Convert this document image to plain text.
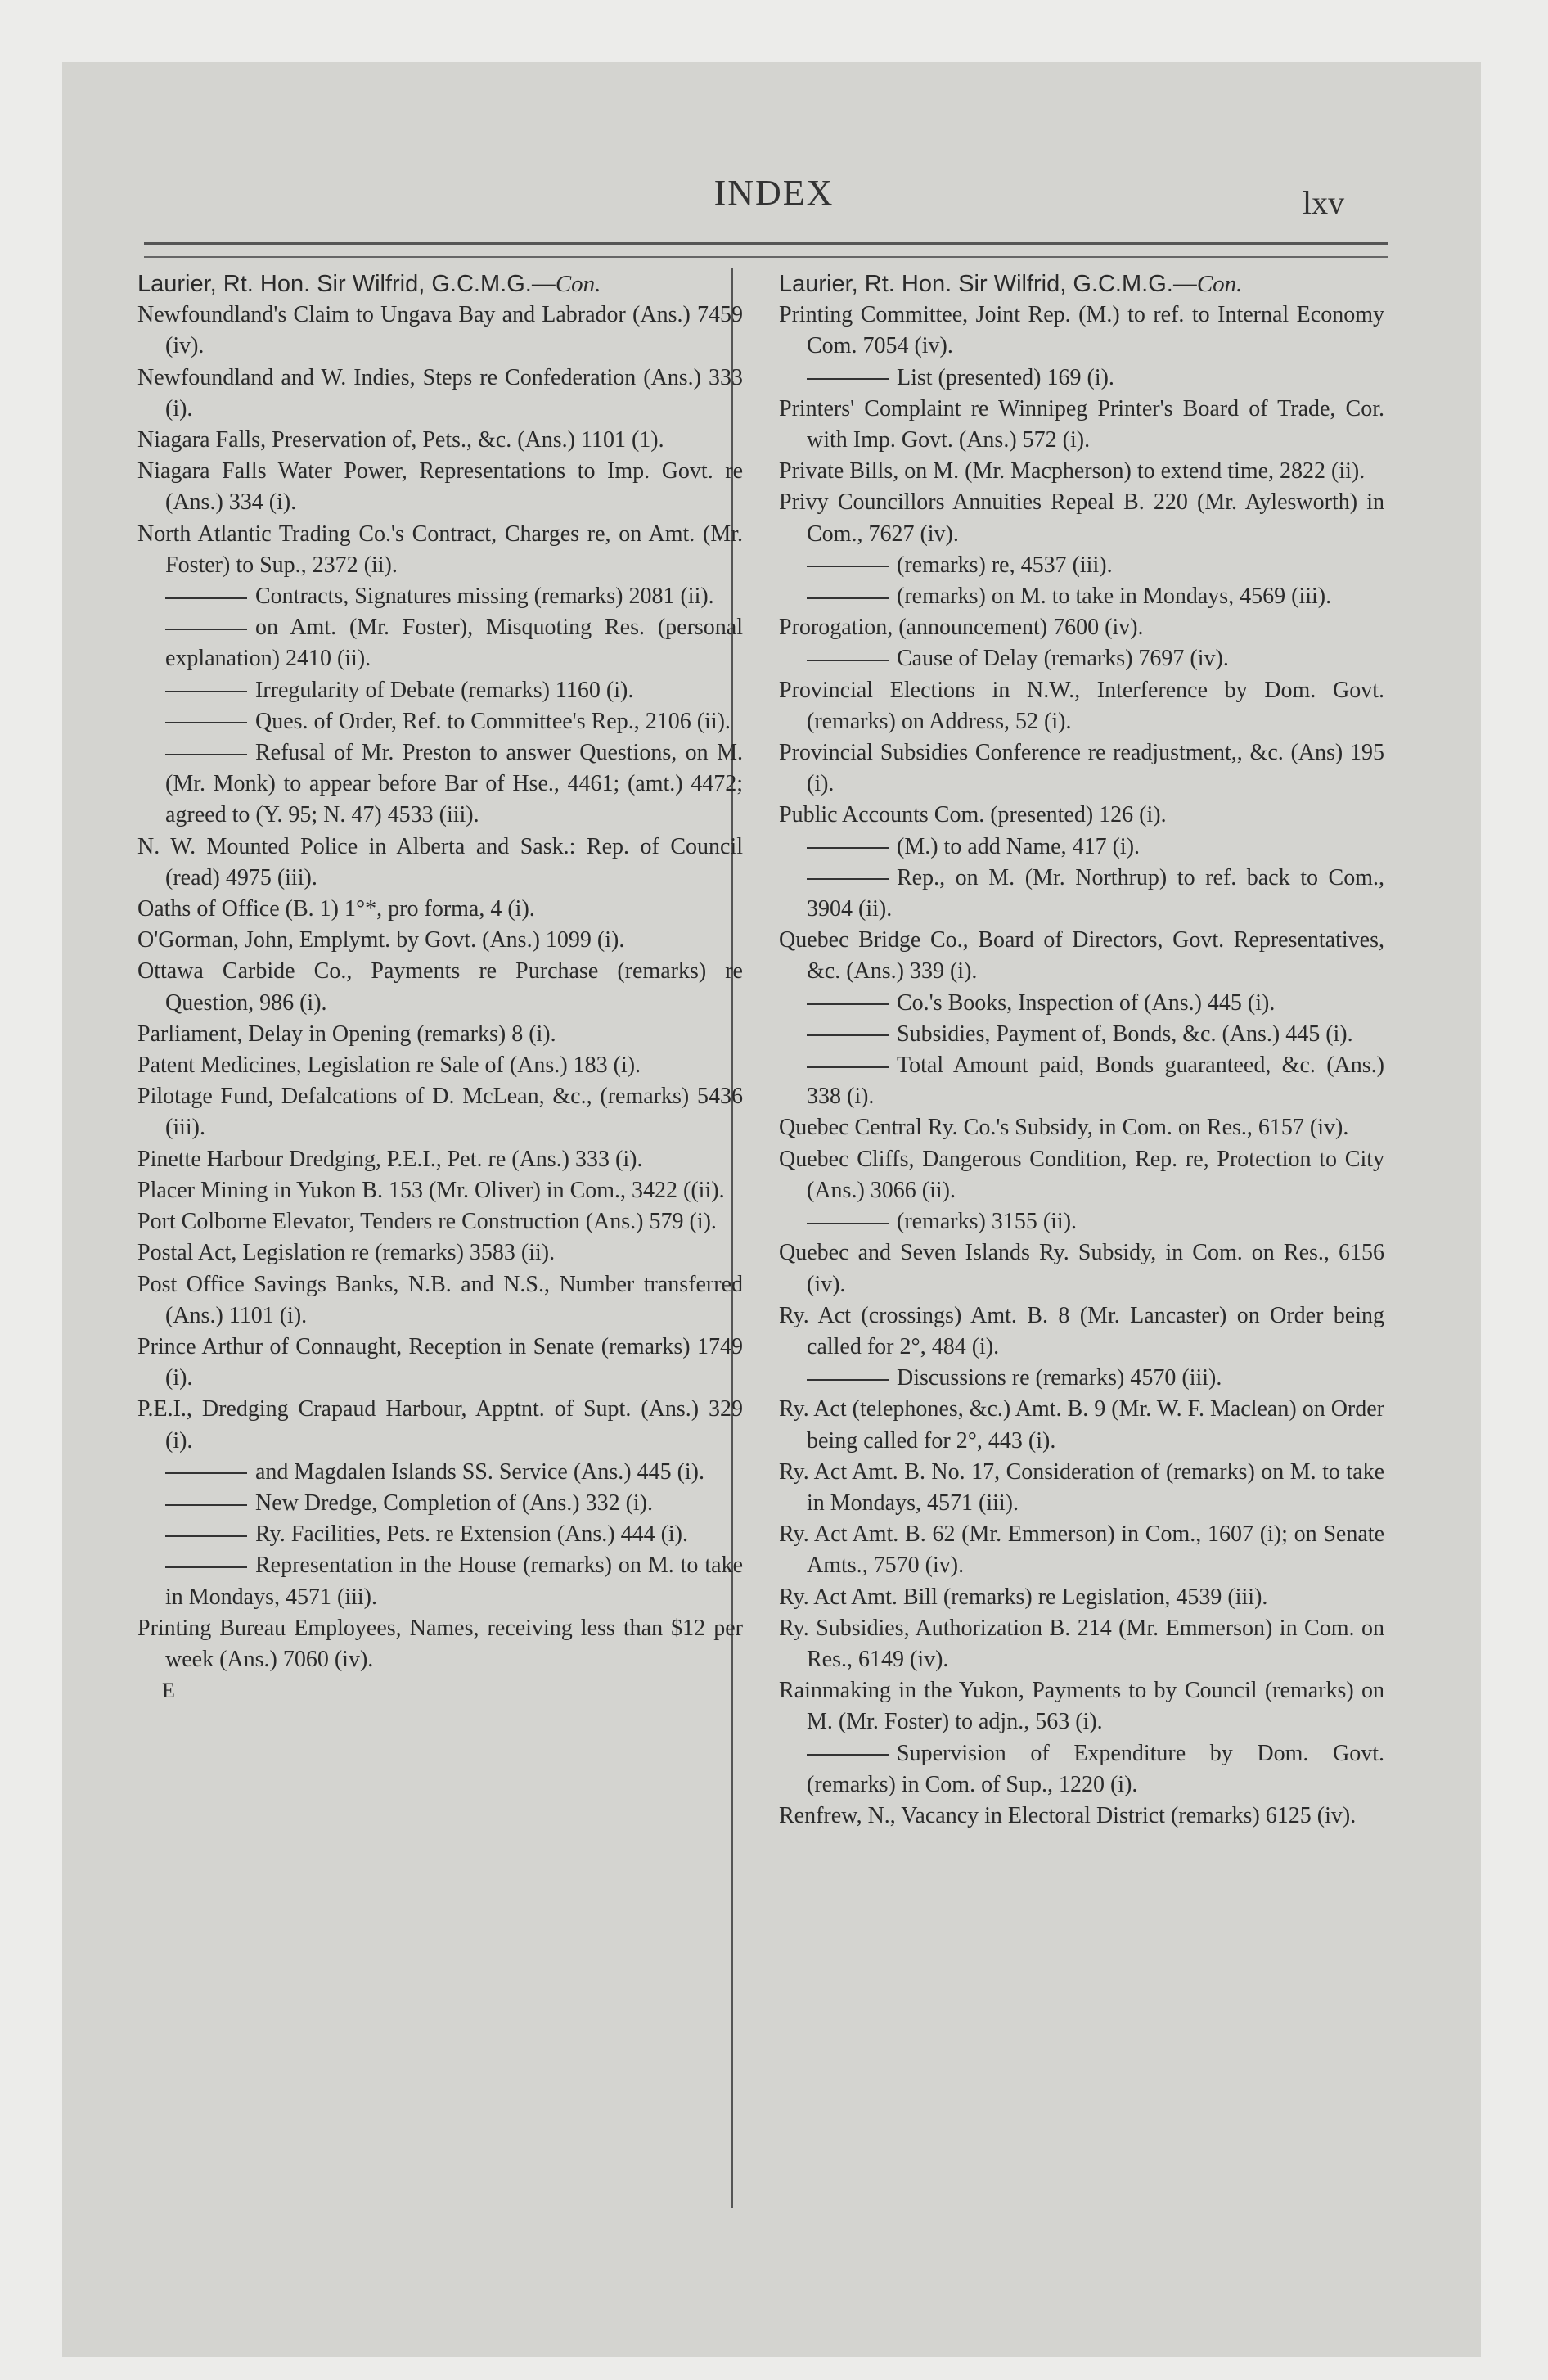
INDEX	lxv
Laurier, Rt. Hon. Sir Wilfrid, G.C.M.G.—Con.
Newfoundland's Claim to Ungava Bay and Labrador (Ans.) 7459 (iv).
Newfoundland and W. Indies, Steps re Confederation (Ans.) 333 (i).
Niagara Falls, Preservation of, Pets., &c. (Ans.) 1101 (1).
Niagara Falls Water Power, Representations to Imp. Govt. re (Ans.) 334 (i).
North Atlantic Trading Co.'s Contract, Charges re, on Amt. (Mr. Foster) to Sup., 2372 (ii).
Contracts, Signatures missing (remarks) 2081 (ii).
on Amt. (Mr. Foster), Misquoting Res. (personal explanation) 2410 (ii).
Irregularity of Debate (remarks) 1160 (i).
Ques. of Order, Ref. to Committee's Rep., 2106 (ii).
Refusal of Mr. Preston to answer Questions, on M. (Mr. Monk) to appear before Bar of Hse., 4461; (amt.) 4472; agreed to (Y. 95; N. 47) 4533 (iii).
N. W. Mounted Police in Alberta and Sask.: Rep. of Council (read) 4975 (iii).
Oaths of Office (B. 1) 1°*, pro forma, 4 (i).
O'Gorman, John, Emplymt. by Govt. (Ans.) 1099 (i).
Ottawa Carbide Co., Payments re Purchase (remarks) re Question, 986 (i).
Parliament, Delay in Opening (remarks) 8 (i).
Patent Medicines, Legislation re Sale of (Ans.) 183 (i).
Pilotage Fund, Defalcations of D. McLean, &c., (remarks) 5436 (iii).
Pinette Harbour Dredging, P.E.I., Pet. re (Ans.) 333 (i).
Placer Mining in Yukon B. 153 (Mr. Oliver) in Com., 3422 ((ii).
Port Colborne Elevator, Tenders re Construction (Ans.) 579 (i).
Postal Act, Legislation re (remarks) 3583 (ii).
Post Office Savings Banks, N.B. and N.S., Number transferred (Ans.) 1101 (i).
Prince Arthur of Connaught, Reception in Senate (remarks) 1749 (i).
P.E.I., Dredging Crapaud Harbour, Apptnt. of Supt. (Ans.) 329 (i).
and Magdalen Islands SS. Service (Ans.) 445 (i).
New Dredge, Completion of (Ans.) 332 (i).
Ry. Facilities, Pets. re Extension (Ans.) 444 (i).
Representation in the House (remarks) on M. to take in Mondays, 4571 (iii).
Printing Bureau Employees, Names, receiving less than $12 per week (Ans.) 7060 (iv).
E
Laurier, Rt. Hon. Sir Wilfrid, G.C.M.G.—Con.
Printing Committee, Joint Rep. (M.) to ref. to Internal Economy Com. 7054 (iv).
List (presented) 169 (i).
Printers' Complaint re Winnipeg Printer's Board of Trade, Cor. with Imp. Govt. (Ans.) 572 (i).
Private Bills, on M. (Mr. Macpherson) to extend time, 2822 (ii).
Privy Councillors Annuities Repeal B. 220 (Mr. Aylesworth) in Com., 7627 (iv).
(remarks) re, 4537 (iii).
(remarks) on M. to take in Mondays, 4569 (iii).
Prorogation, (announcement) 7600 (iv).
Cause of Delay (remarks) 7697 (iv).
Provincial Elections in N.W., Interference by Dom. Govt. (remarks) on Address, 52 (i).
Provincial Subsidies Conference re readjustment,, &c. (Ans) 195 (i).
Public Accounts Com. (presented) 126 (i).
(M.) to add Name, 417 (i).
Rep., on M. (Mr. Northrup) to ref. back to Com., 3904 (ii).
Quebec Bridge Co., Board of Directors, Govt. Representatives, &c. (Ans.) 339 (i).
Co.'s Books, Inspection of (Ans.) 445 (i).
Subsidies, Payment of, Bonds, &c. (Ans.) 445 (i).
Total Amount paid, Bonds guaranteed, &c. (Ans.) 338 (i).
Quebec Central Ry. Co.'s Subsidy, in Com. on Res., 6157 (iv).
Quebec Cliffs, Dangerous Condition, Rep. re, Protection to City (Ans.) 3066 (ii).
(remarks) 3155 (ii).
Quebec and Seven Islands Ry. Subsidy, in Com. on Res., 6156 (iv).
Ry. Act (crossings) Amt. B. 8 (Mr. Lancaster) on Order being called for 2°, 484 (i).
Discussions re (remarks) 4570 (iii).
Ry. Act (telephones, &c.) Amt. B. 9 (Mr. W. F. Maclean) on Order being called for 2°, 443 (i).
Ry. Act Amt. B. No. 17, Consideration of (remarks) on M. to take in Mondays, 4571 (iii).
Ry. Act Amt. B. 62 (Mr. Emmerson) in Com., 1607 (i); on Senate Amts., 7570 (iv).
Ry. Act Amt. Bill (remarks) re Legislation, 4539 (iii).
Ry. Subsidies, Authorization B. 214 (Mr. Emmerson) in Com. on Res., 6149 (iv).
Rainmaking in the Yukon, Payments to by Council (remarks) on M. (Mr. Foster) to adjn., 563 (i).
Supervision of Expenditure by Dom. Govt. (remarks) in Com. of Sup., 1220 (i).
Renfrew, N., Vacancy in Electoral District (remarks) 6125 (iv).
